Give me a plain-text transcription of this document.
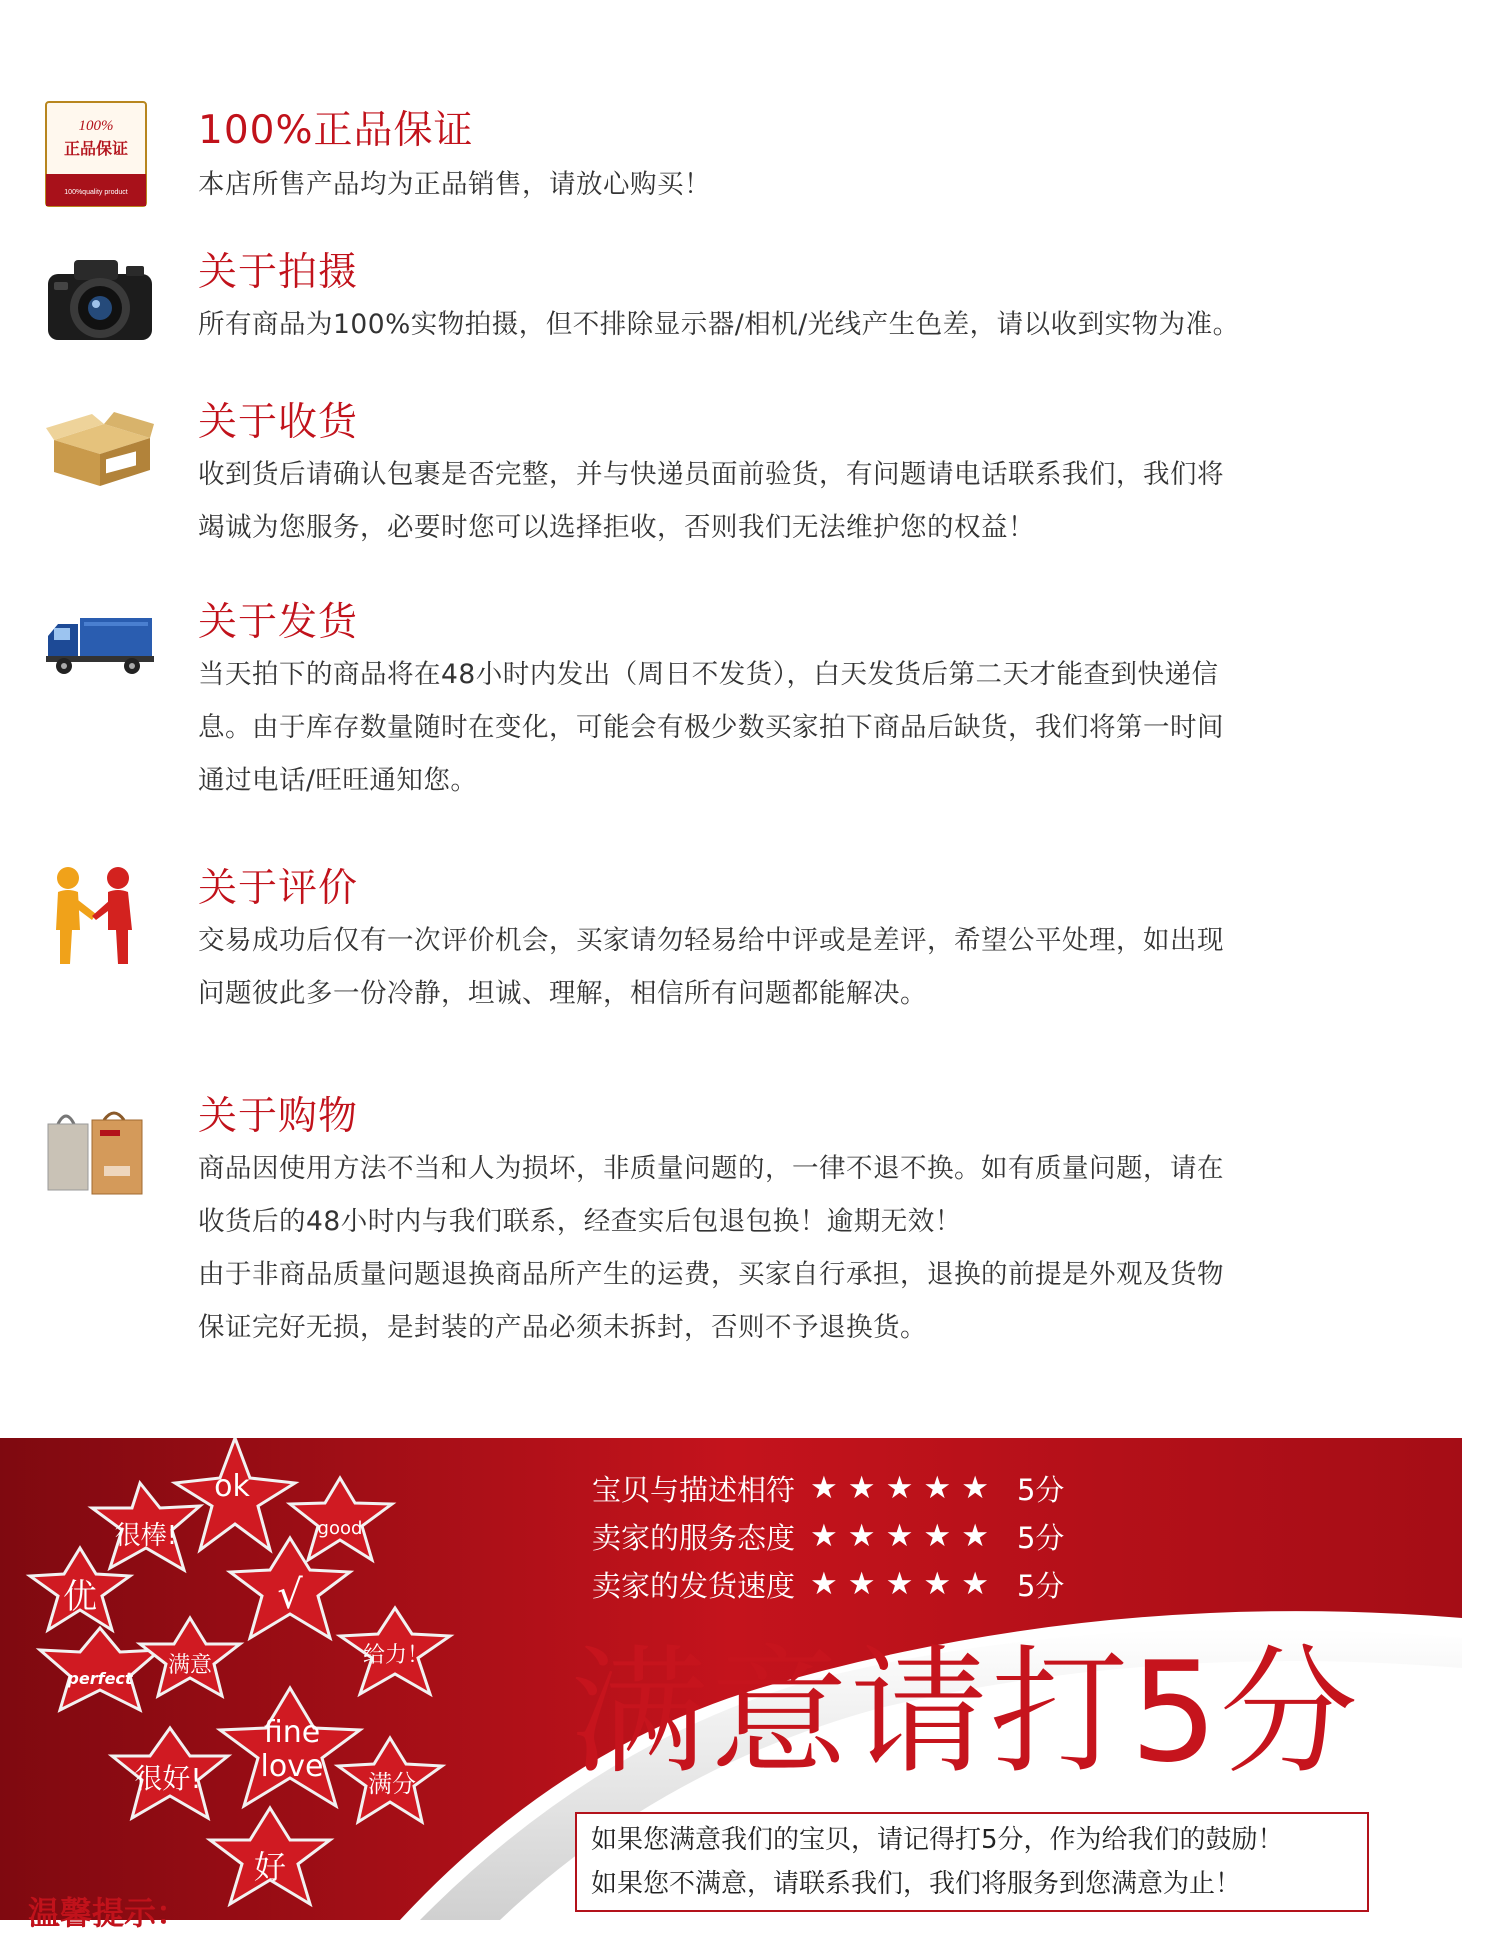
100%
正品保证
100%quality product
100%正品保证
本店所售产品均为正品销售，请放心购买！
关于拍摄
所有商品为100%实物拍摄，但不排除显示器/相机/光线产生色差，请以收到实物为准。
关于收货
收到货后请确认包裹是否完整，并与快递员面前验货，有问题请电话联系我们，我们将
竭诚为您服务，必要时您可以选择拒收，否则我们无法维护您的权益！
关于发货
当天拍下的商品将在48小时内发出（周日不发货），白天发货后第二天才能查到快递信
息。由于库存数量随时在变化，可能会有极少数买家拍下商品后缺货，我们将第一时间
通过电话/旺旺通知您。
关于评价
交易成功后仅有一次评价机会，买家请勿轻易给中评或是差评，希望公平处理，如出现
问题彼此多一份冷静，坦诚、理解，相信所有问题都能解决。
关于购物
商品因使用方法不当和人为损坏，非质量问题的，一律不退不换。如有质量问题，请在
收货后的48小时内与我们联系，经查实后包退包换！逾期无效！
由于非商品质量问题退换商品所产生的运费，买家自行承担，退换的前提是外观及货物
保证完好无损，是封装的产品必须未拆封，否则不予退换货。
ok
很棒!	good
优	√
perfect
满意	给力！
fine
love
很好!	满分
好
宝贝与描述相符 ★ ★ ★ ★ ★ 5分
卖家的服务态度 ★ ★ ★ ★ ★ 5分
卖家的发货速度 ★ ★ ★ ★ ★ 5分
满意请打5分
如果您满意我们的宝贝，请记得打5分，作为给我们的鼓励！
如果您不满意，请联系我们，我们将服务到您满意为止！
温馨提示：
